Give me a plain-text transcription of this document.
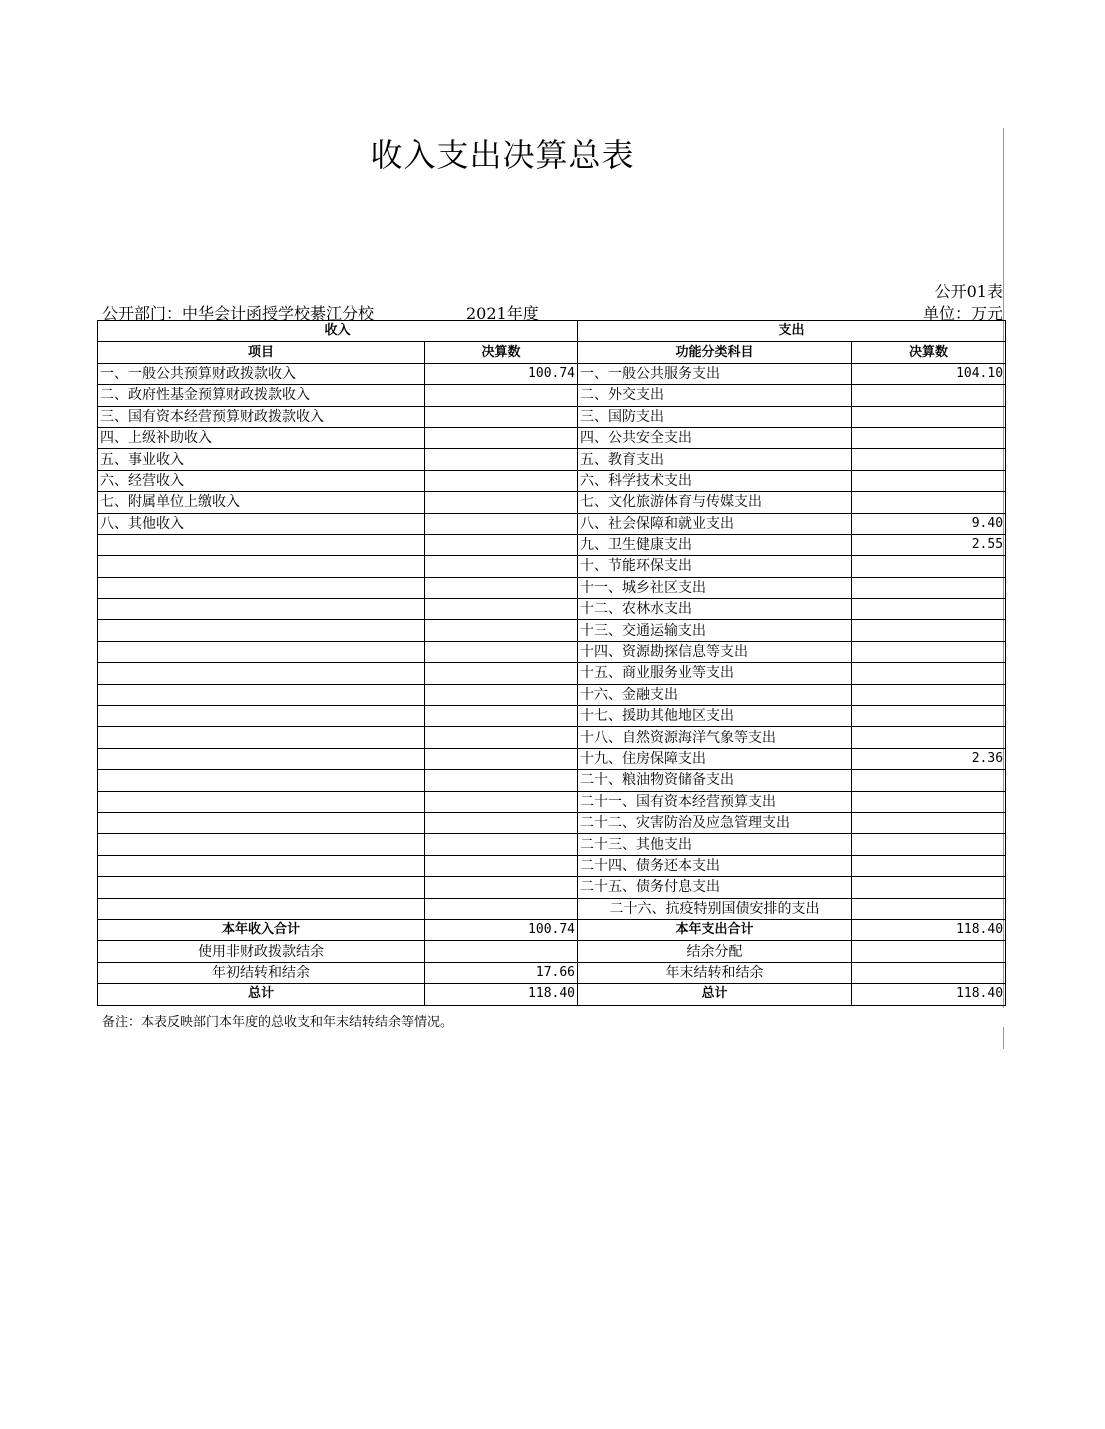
收入支出决算总表
公开01表
公开部门：中华会计函授学校綦江分校	2021年度	单位：万元
收入		支出	
项目	决算数	功能分类科目	决算数
一、一般公共预算财政拨款收入	100.74	一、一般公共服务支出	104.10
二、政府性基金预算财政拨款收入		二、外交支出	
三、国有资本经营预算财政拨款收入		三、国防支出	
四、上级补助收入		四、公共安全支出	
五、事业收入		五、教育支出	
六、经营收入		六、科学技术支出	
七、附属单位上缴收入		七、文化旅游体育与传媒支出	
八、其他收入		八、社会保障和就业支出	9.40
		九、卫生健康支出	2.55
		十、节能环保支出	
		十一、城乡社区支出	
		十二、农林水支出	
		十三、交通运输支出	
		十四、资源勘探信息等支出	
		十五、商业服务业等支出	
		十六、金融支出	
		十七、援助其他地区支出	
		十八、自然资源海洋气象等支出	
		十九、住房保障支出	2.36
		二十、粮油物资储备支出	
		二十一、国有资本经营预算支出	
		二十二、灾害防治及应急管理支出	
		二十三、其他支出	
		二十四、债务还本支出	
		二十五、债务付息支出	
		二十六、抗疫特别国债安排的支出	
本年收入合计	100.74	本年支出合计	118.40
使用非财政拨款结余		结余分配	
年初结转和结余	17.66	年末结转和结余	
总计	118.40	总计	118.40
备注：本表反映部门本年度的总收支和年末结转结余等情况。
